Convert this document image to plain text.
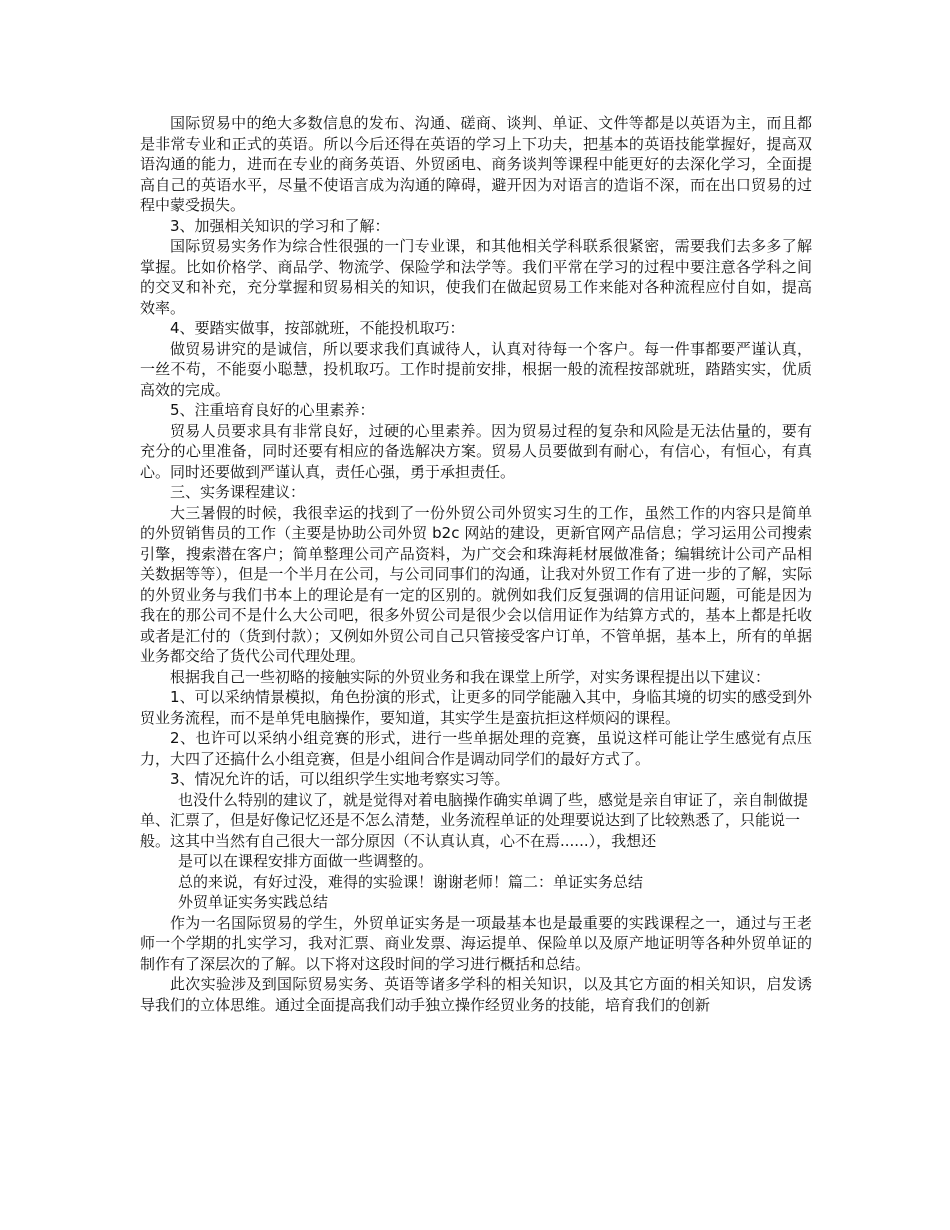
国际贸易中的绝大多数信息的发布、沟通、磋商、谈判、单证、文件等都是以英语为主，而且都是非常专业和正式的英语。所以今后还得在英语的学习上下功夫，把基本的英语技能掌握好，提高双语沟通的能力，进而在专业的商务英语、外贸函电、商务谈判等课程中能更好的去深化学习，全面提高自己的英语水平，尽量不使语言成为沟通的障碍，避开因为对语言的造诣不深，而在出口贸易的过程中蒙受损失。

3、加强相关知识的学习和了解：

国际贸易实务作为综合性很强的一门专业课，和其他相关学科联系很紧密，需要我们去多多了解掌握。比如价格学、商品学、物流学、保险学和法学等。我们平常在学习的过程中要注意各学科之间的交叉和补充，充分掌握和贸易相关的知识，使我们在做起贸易工作来能对各种流程应付自如，提高效率。

4、要踏实做事，按部就班，不能投机取巧：

做贸易讲究的是诚信，所以要求我们真诚待人，认真对待每一个客户。每一件事都要严谨认真，一丝不苟，不能耍小聪慧，投机取巧。工作时提前安排，根据一般的流程按部就班，踏踏实实，优质高效的完成。

5、注重培育良好的心里素养：

贸易人员要求具有非常良好，过硬的心里素养。因为贸易过程的复杂和风险是无法估量的，要有充分的心里准备，同时还要有相应的备选解决方案。贸易人员要做到有耐心，有信心，有恒心，有真心。同时还要做到严谨认真，责任心强，勇于承担责任。

三、实务课程建议：

大三暑假的时候，我很幸运的找到了一份外贸公司外贸实习生的工作，虽然工作的内容只是简单的外贸销售员的工作（主要是协助公司外贸 b2c 网站的建设，更新官网产品信息；学习运用公司搜索引擎，搜索潜在客户；简单整理公司产品资料，为广交会和珠海耗材展做准备；编辑统计公司产品相关数据等等），但是一个半月在公司，与公司同事们的沟通，让我对外贸工作有了进一步的了解，实际的外贸业务与我们书本上的理论是有一定的区别的。就例如我们反复强调的信用证问题，可能是因为我在的那公司不是什么大公司吧，很多外贸公司是很少会以信用证作为结算方式的，基本上都是托收或者是汇付的（货到付款）；又例如外贸公司自己只管接受客户订单，不管单据，基本上，所有的单据业务都交给了货代公司代理处理。

根据我自己一些初略的接触实际的外贸业务和我在课堂上所学，对实务课程提出以下建议：

1、可以采纳情景模拟，角色扮演的形式，让更多的同学能融入其中，身临其境的切实的感受到外贸业务流程，而不是单凭电脑操作，要知道，其实学生是蛮抗拒这样烦闷的课程。

2、也许可以采纳小组竞赛的形式，进行一些单据处理的竞赛，虽说这样可能让学生感觉有点压力，大四了还搞什么小组竞赛，但是小组间合作是调动同学们的最好方式了。

3、情况允许的话，可以组织学生实地考察实习等。

也没什么特别的建议了，就是觉得对着电脑操作确实单调了些，感觉是亲自审证了，亲自制做提单、汇票了，但是好像记忆还是不怎么清楚，业务流程单证的处理要说达到了比较熟悉了，只能说一般。这其中当然有自己很大一部分原因（不认真认真，心不在焉......），我想还

是可以在课程安排方面做一些调整的。

总的来说，有好过没，难得的实验课！谢谢老师！篇二：单证实务总结

外贸单证实务实践总结

作为一名国际贸易的学生，外贸单证实务是一项最基本也是最重要的实践课程之一，通过与王老师一个学期的扎实学习，我对汇票、商业发票、海运提单、保险单以及原产地证明等各种外贸单证的制作有了深层次的了解。以下将对这段时间的学习进行概括和总结。

此次实验涉及到国际贸易实务、英语等诸多学科的相关知识，以及其它方面的相关知识，启发诱导我们的立体思维。通过全面提高我们动手独立操作经贸业务的技能，培育我们的创新
